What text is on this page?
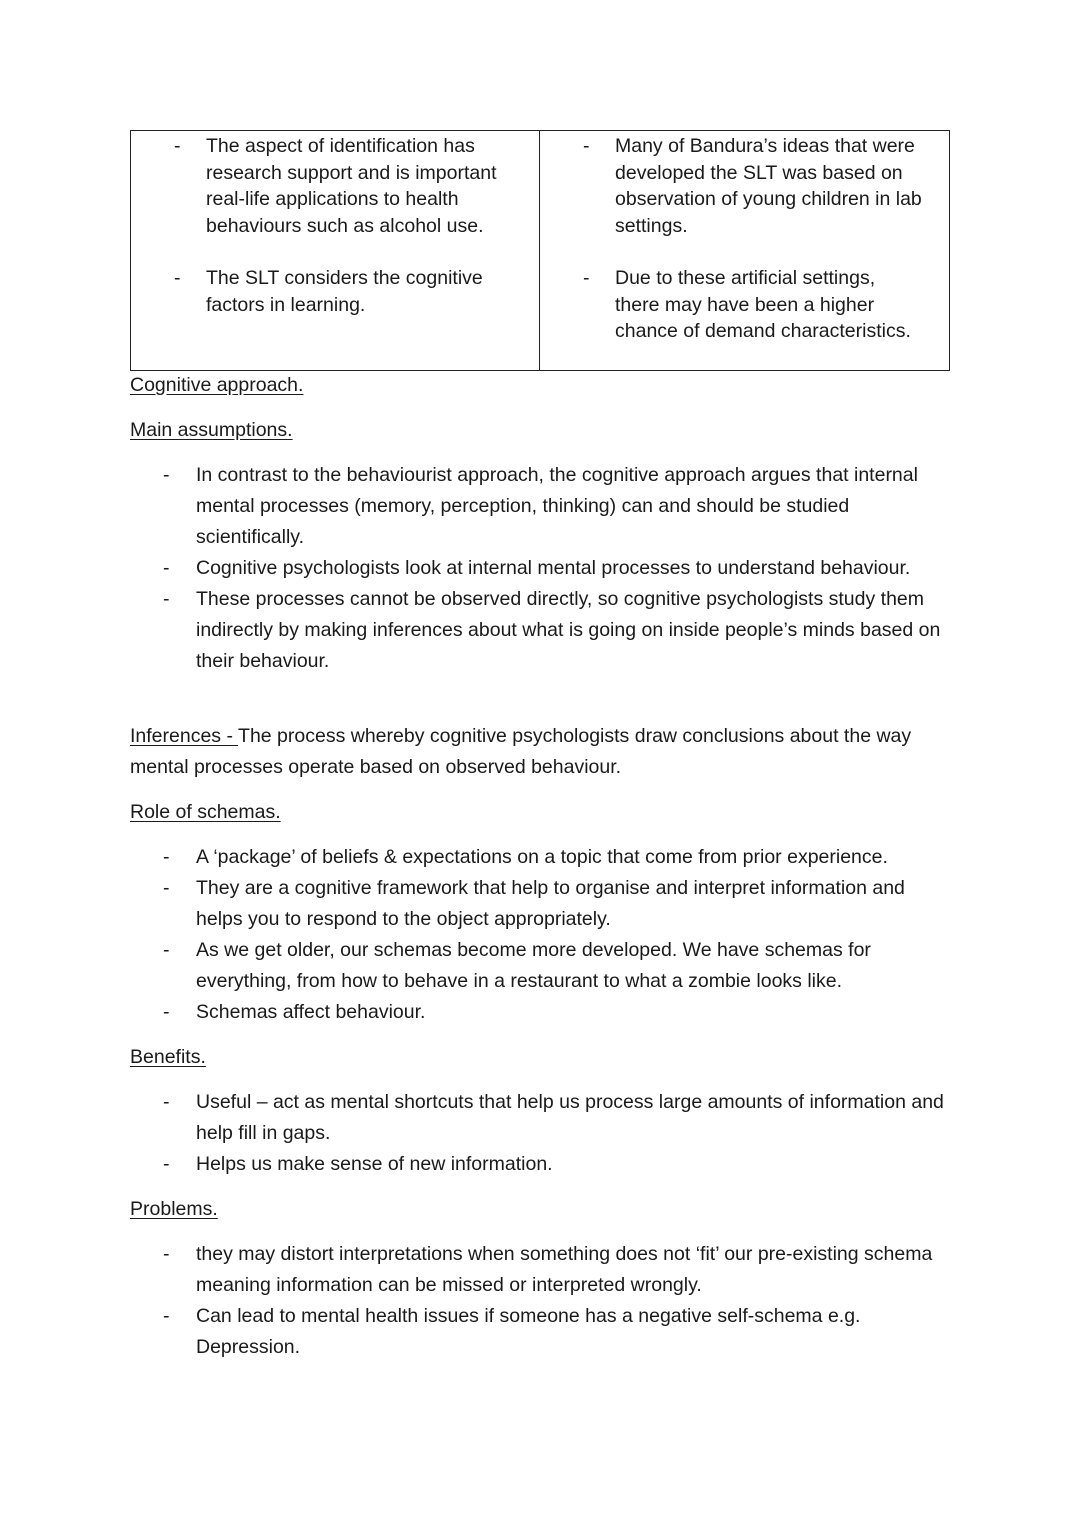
- The aspect of identification has research support and is important real-life applications to health behaviours such as alcohol use.
- The SLT considers the cognitive factors in learning.
- Many of Bandura’s ideas that were developed the SLT was based on observation of young children in lab settings.
- Due to these artificial settings, there may have been a higher chance of demand characteristics.
Cognitive approach.
Main assumptions.
- In contrast to the behaviourist approach, the cognitive approach argues that internal mental processes (memory, perception, thinking) can and should be studied scientifically.
- Cognitive psychologists look at internal mental processes to understand behaviour.
- These processes cannot be observed directly, so cognitive psychologists study them indirectly by making inferences about what is going on inside people’s minds based on their behaviour.
Inferences - The process whereby cognitive psychologists draw conclusions about the way mental processes operate based on observed behaviour.
Role of schemas.
- A ‘package’ of beliefs & expectations on a topic that come from prior experience.
- They are a cognitive framework that help to organise and interpret information and helps you to respond to the object appropriately.
- As we get older, our schemas become more developed. We have schemas for everything, from how to behave in a restaurant to what a zombie looks like.
- Schemas affect behaviour.
Benefits.
- Useful – act as mental shortcuts that help us process large amounts of information and help fill in gaps.
- Helps us make sense of new information.
Problems.
- they may distort interpretations when something does not ‘fit’ our pre-existing schema meaning information can be missed or interpreted wrongly.
- Can lead to mental health issues if someone has a negative self-schema e.g. Depression.
